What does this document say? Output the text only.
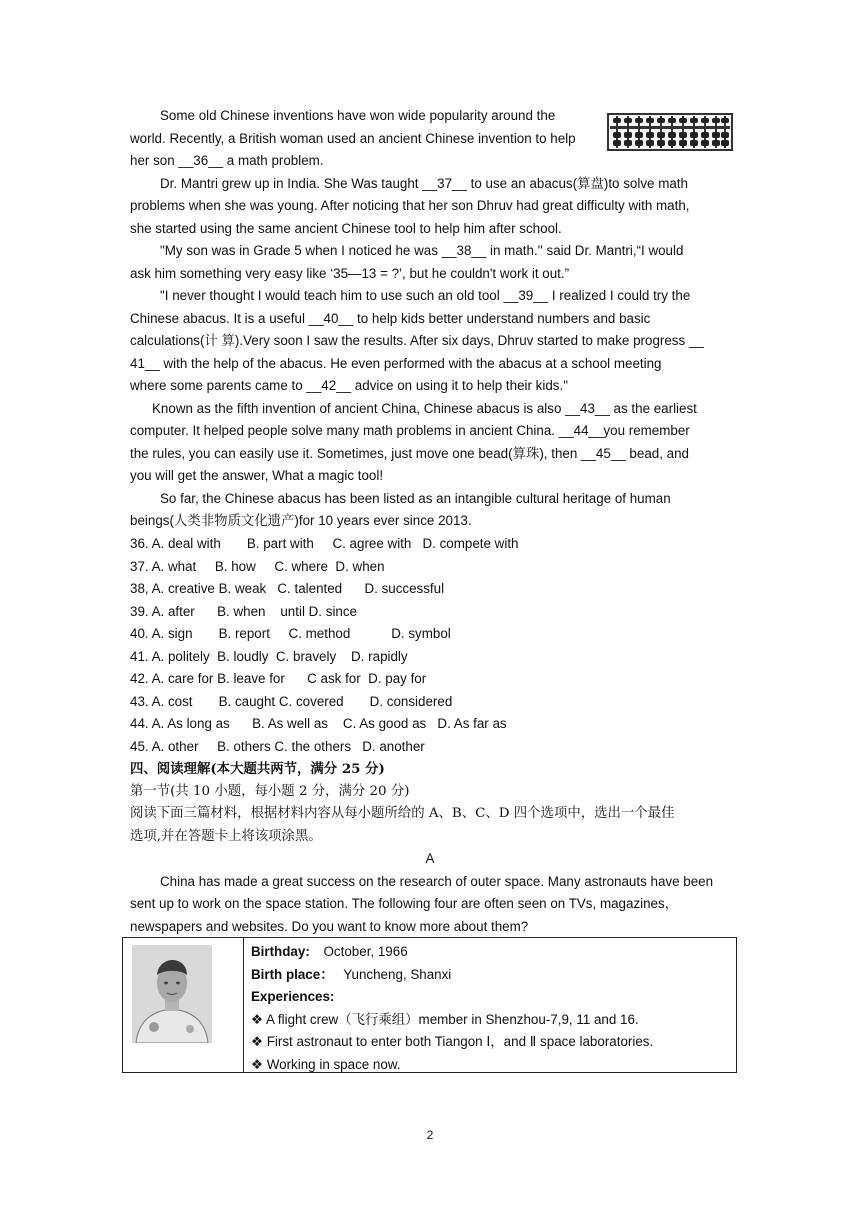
Some old Chinese inventions have won wide popularity around the
world. Recently, a British woman used an ancient Chinese invention to help
her son __36__ a math problem.
Dr. Mantri grew up in India. She Was taught __37__ to use an abacus(算盘)to solve math
problems when she was young. After noticing that her son Dhruv had great difficulty with math,
she started using the same ancient Chinese tool to help him after school.
"My son was in Grade 5 when I noticed he was __38__ in math.'' said Dr. Mantri,“I would
ask him something very easy like ‘35—13 = ?’, but he couldn't work it out.”
"I never thought I would teach him to use such an old tool __39__ I realized I could try the
Chinese abacus. It is a useful __40__ to help kids better understand numbers and basic
calculations(计 算).Very soon I saw the results. After six days, Dhruv started to make progress __
41__ with the help of the abacus. He even performed with the abacus at a school meeting
where some parents came to __42__ advice on using it to help their kids."
Known as the fifth invention of ancient China, Chinese abacus is also __43__ as the earliest
computer. It helped people solve many math problems in ancient China. __44__you remember
the rules, you can easily use it. Sometimes, just move one bead(算珠), then __45__ bead, and
you will get the answer, What a magic tool!
So far, the Chinese abacus has been listed as an intangible cultural heritage of human
beings(人类非物质文化遗产)for 10 years ever since 2013.
36. A. deal with       B. part with     C. agree with   D. compete with
37. A. what     B. how     C. where  D. when
38, A. creative B. weak   C. talented      D. successful
39. A. after      B. when    until D. since
40. A. sign       B. report     C. method           D. symbol
41. A. politely  B. loudly  C. bravely    D. rapidly
42. A. care for B. leave for      C ask for  D. pay for
43. A. cost       B. caught C. covered       D. considered
44. A. As long as      B. As well as    C. As good as   D. As far as
45. A. other     B. others C. the others   D. another
四、阅读理解(本大题共两节，满分 25 分)
第一节(共 10 小题，每小题 2 分，满分 20 分)
阅读下面三篇材料，根据材料内容从每小题所给的 A、B、C、D 四个选项中，选出一个最佳
选项,并在答题卡上将该项涂黑。
A
China has made a great success on the research of outer space. Many astronauts have been
sent up to work on the space station. The following four are often seen on TVs, magazines，
newspapers and websites. Do you want to know more about them?
Birthday: October, 1966
Birth place： Yuncheng, Shanxi
Experiences:
❖ A flight crew（飞行乘组）member in Shenzhou-7,9, 11 and 16.
❖ First astronaut to enter both Tiangon Ⅰ，and Ⅱ space laboratories.
❖ Working in space now.
2
